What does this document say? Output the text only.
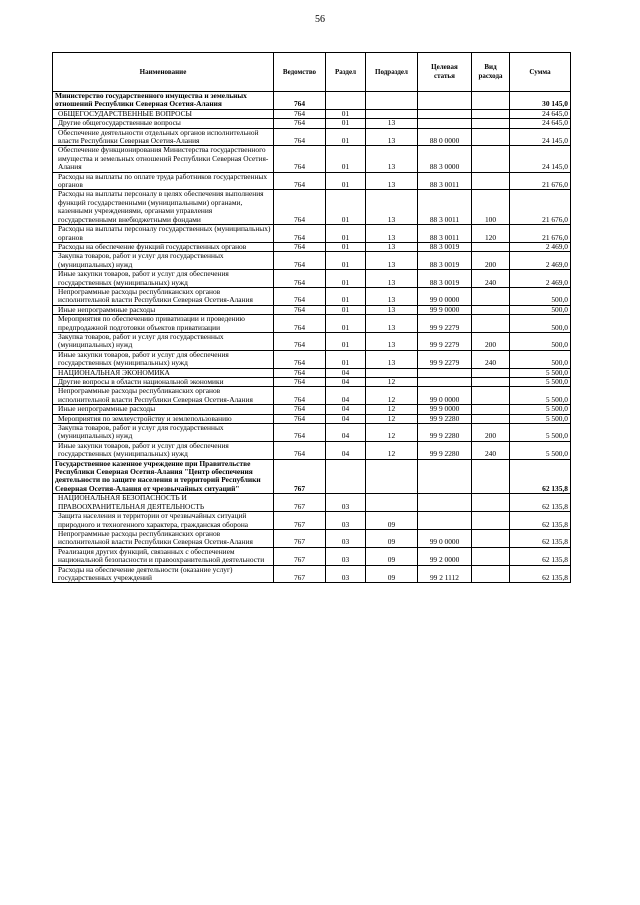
56
Наименование	Ведомство	Раздел	Подраздел	Целевая статья	Вид расхода	Сумма
Министерство государственного имущества и земельных отношений Республики Северная Осетия-Алания	764					30 145,0
ОБЩЕГОСУДАРСТВЕННЫЕ ВОПРОСЫ	764	01				24 645,0
Другие общегосударственные вопросы	764	01	13			24 645,0
Обеспечение деятельности отдельных органов исполнительной власти Республики Северная Осетия-Алания	764	01	13	88 0 0000		24 145,0
Обеспечение функционирования Министерства государственного имущества и земельных отношений Республики Северная Осетия-Алания	764	01	13	88 3 0000		24 145,0
Расходы на выплаты по оплате труда работников государственных органов	764	01	13	88 3 0011		21 676,0
Расходы на выплаты персоналу в целях обеспечения выполнения функций государственными (муниципальными) органами, казенными учреждениями, органами управления государственными внебюджетными фондами	764	01	13	88 3 0011	100	21 676,0
Расходы на выплаты персоналу государственных (муниципальных) органов	764	01	13	88 3 0011	120	21 676,0
Расходы на обеспечение функций государственных органов	764	01	13	88 3 0019		2 469,0
Закупка товаров, работ и услуг для государственных (муниципальных) нужд	764	01	13	88 3 0019	200	2 469,0
Иные закупки товаров, работ и услуг для обеспечения государственных (муниципальных) нужд	764	01	13	88 3 0019	240	2 469,0
Непрограммные расходы республиканских органов исполнительной власти Республики Северная Осетия-Алания	764	01	13	99 0 0000		500,0
Иные непрограммные расходы	764	01	13	99 9 0000		500,0
Мероприятия по обеспечению приватизации и проведению предпродажной подготовки объектов приватизации	764	01	13	99 9 2279		500,0
Закупка товаров, работ и услуг для государственных (муниципальных) нужд	764	01	13	99 9 2279	200	500,0
Иные закупки товаров, работ и услуг для обеспечения государственных (муниципальных) нужд	764	01	13	99 9 2279	240	500,0
НАЦИОНАЛЬНАЯ ЭКОНОМИКА	764	04				5 500,0
Другие вопросы в области национальной экономики	764	04	12			5 500,0
Непрограммные расходы республиканских органов исполнительной власти Республики Северная Осетия-Алания	764	04	12	99 0 0000		5 500,0
Иные непрограммные расходы	764	04	12	99 9 0000		5 500,0
Мероприятия по землеустройству и землепользованию	764	04	12	99 9 2280		5 500,0
Закупка товаров, работ и услуг для государственных (муниципальных) нужд	764	04	12	99 9 2280	200	5 500,0
Иные закупки товаров, работ и услуг для обеспечения государственных (муниципальных) нужд	764	04	12	99 9 2280	240	5 500,0
Государственное казенное учреждение при Правительстве Республики Северная Осетия-Алания "Центр обеспечения деятельности по защите населения и территорий Республики Северная Осетия-Алания от чрезвычайных ситуаций"	767					62 135,8
НАЦИОНАЛЬНАЯ БЕЗОПАСНОСТЬ И ПРАВООХРАНИТЕЛЬНАЯ ДЕЯТЕЛЬНОСТЬ	767	03				62 135,8
Защита населения и территории от чрезвычайных ситуаций природного и техногенного характера, гражданская оборона	767	03	09			62 135,8
Непрограммные расходы республиканских органов исполнительной власти Республики Северная Осетия-Алания	767	03	09	99 0 0000		62 135,8
Реализация других функций, связанных с обеспечением национальной безопасности и правоохранительной деятельности	767	03	09	99 2 0000		62 135,8
Расходы на обеспечение деятельности (оказание услуг) государственных учреждений	767	03	09	99 2 1112		62 135,8
